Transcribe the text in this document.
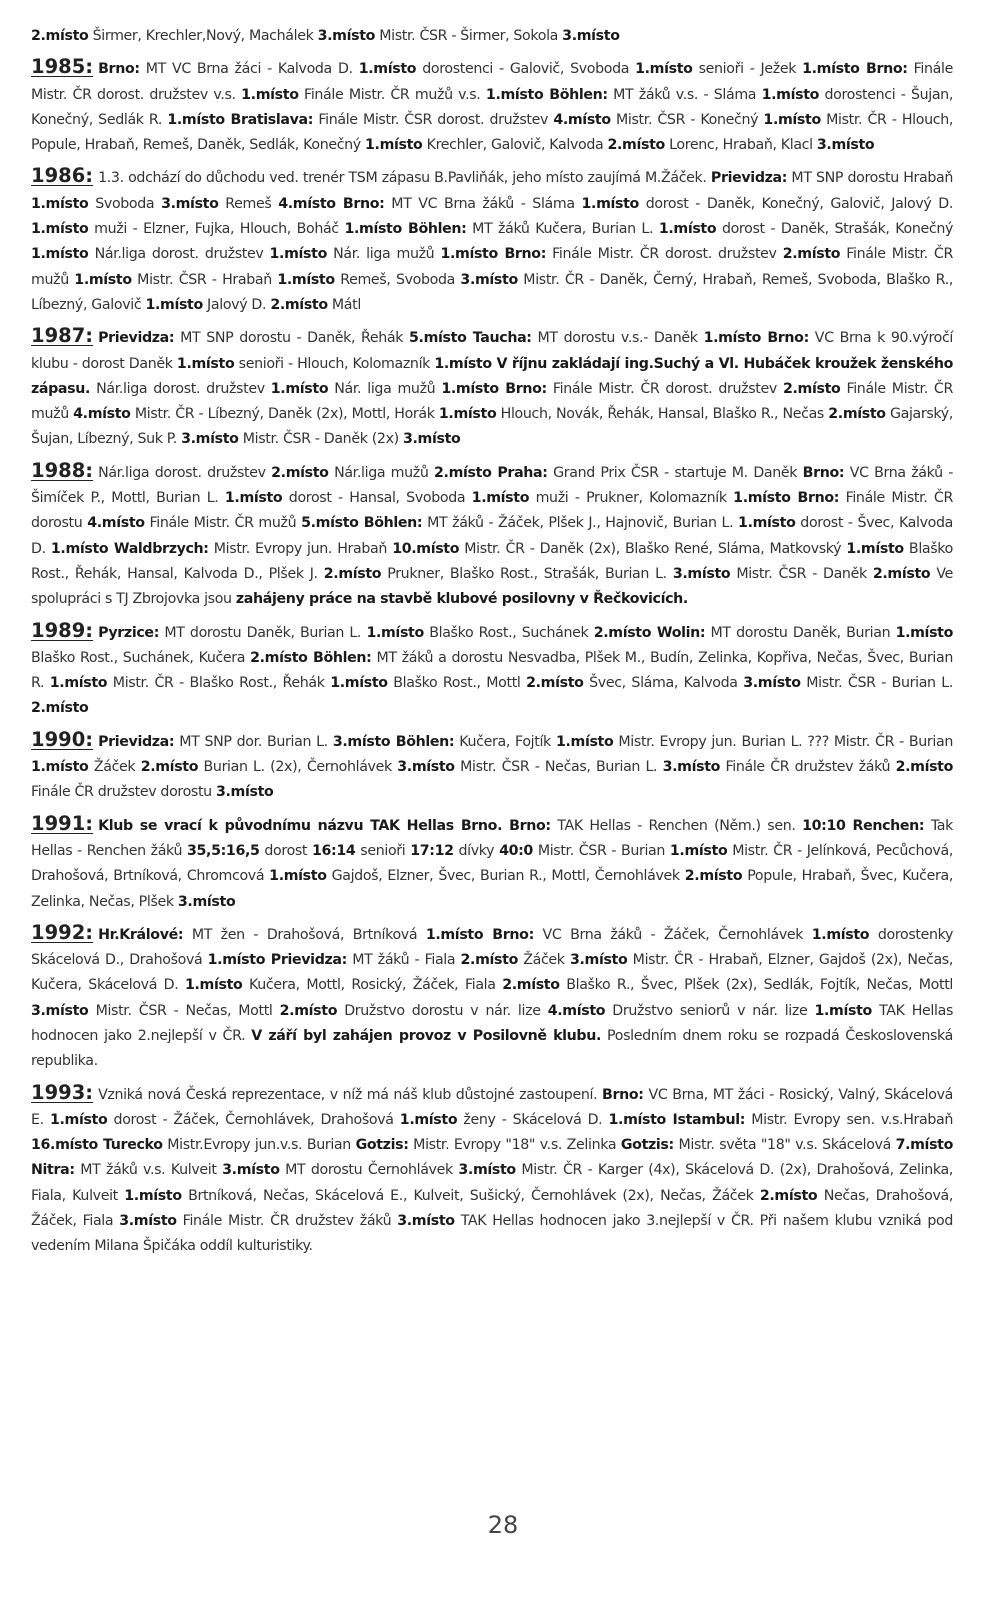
2.místo Širmer, Krechler,Nový, Machálek 3.místo Mistr. ČSR - Širmer, Sokola 3.místo

1985: Brno: MT VC Brna žáci - Kalvoda D. 1.místo dorostenci - Galovič, Svoboda 1.místo senioři - Ježek 1.místo Brno: Finále Mistr. ČR dorost. družstev v.s. 1.místo Finále Mistr. ČR mužů v.s. 1.místo Böhlen: MT žáků v.s. - Sláma 1.místo dorostenci - Šujan, Konečný, Sedlák R. 1.místo Bratislava: Finále Mistr. ČSR dorost. družstev 4.místo Mistr. ČSR - Konečný 1.místo Mistr. ČR - Hlouch, Popule, Hrabaň, Remeš, Daněk, Sedlák, Konečný 1.místo Krechler, Galovič, Kalvoda 2.místo Lorenc, Hrabaň, Klacl 3.místo

1986: 1.3. odchází do důchodu ved. trenér TSM zápasu B.Pavliňák, jeho místo zaujímá M.Žáček. Prievidza: MT SNP dorostu Hrabaň 1.místo Svoboda 3.místo Remeš 4.místo Brno: MT VC Brna žáků - Sláma 1.místo dorost - Daněk, Konečný, Galovič, Jalový D. 1.místo muži - Elzner, Fujka, Hlouch, Boháč 1.místo Böhlen: MT žáků Kučera, Burian L. 1.místo dorost - Daněk, Strašák, Konečný 1.místo Nár.liga dorost. družstev 1.místo Nár. liga mužů 1.místo Brno: Finále Mistr. ČR dorost. družstev 2.místo Finále Mistr. ČR mužů 1.místo Mistr. ČSR - Hrabaň 1.místo Remeš, Svoboda 3.místo Mistr. ČR - Daněk, Černý, Hrabaň, Remeš, Svoboda, Blaško R., Líbezný, Galovič 1.místo Jalový D. 2.místo Mátl

1987: Prievidza: MT SNP dorostu - Daněk, Řehák 5.místo Taucha: MT dorostu v.s.- Daněk 1.místo Brno: VC Brna k 90.výročí klubu - dorost Daněk 1.místo senioři - Hlouch, Kolomazník 1.místo V říjnu zakládají ing.Suchý a Vl. Hubáček kroužek ženského zápasu. Nár.liga dorost. družstev 1.místo Nár. liga mužů 1.místo Brno: Finále Mistr. ČR dorost. družstev 2.místo Finále Mistr. ČR mužů 4.místo Mistr. ČR - Líbezný, Daněk (2x), Mottl, Horák 1.místo Hlouch, Novák, Řehák, Hansal, Blaško R., Nečas 2.místo Gajarský, Šujan, Líbezný, Suk P. 3.místo Mistr. ČSR - Daněk (2x) 3.místo

1988: Nár.liga dorost. družstev 2.místo Nár.liga mužů 2.místo Praha: Grand Prix ČSR - startuje M. Daněk Brno: VC Brna žáků - Šimíček P., Mottl, Burian L. 1.místo dorost - Hansal, Svoboda 1.místo muži - Prukner, Kolomazník 1.místo Brno: Finále Mistr. ČR dorostu 4.místo Finále Mistr. ČR mužů 5.místo Böhlen: MT žáků - Žáček, Plšek J., Hajnovič, Burian L. 1.místo dorost - Švec, Kalvoda D. 1.místo Waldbrzych: Mistr. Evropy jun. Hrabaň 10.místo Mistr. ČR - Daněk (2x), Blaško René, Sláma, Matkovský 1.místo Blaško Rost., Řehák, Hansal, Kalvoda D., Plšek J. 2.místo Prukner, Blaško Rost., Strašák, Burian L. 3.místo Mistr. ČSR - Daněk 2.místo Ve spolupráci s TJ Zbrojovka jsou zahájeny práce na stavbě klubové posilovny v Řečkovicích.

1989: Pyrzice: MT dorostu Daněk, Burian L. 1.místo Blaško Rost., Suchánek 2.místo Wolin: MT dorostu Daněk, Burian 1.místo Blaško Rost., Suchánek, Kučera 2.místo Böhlen: MT žáků a dorostu Nesvadba, Plšek M., Budín, Zelinka, Kopřiva, Nečas, Švec, Burian R. 1.místo Mistr. ČR - Blaško Rost., Řehák 1.místo Blaško Rost., Mottl 2.místo Švec, Sláma, Kalvoda 3.místo Mistr. ČSR - Burian L. 2.místo

1990: Prievidza: MT SNP dor. Burian L. 3.místo Böhlen: Kučera, Fojtík 1.místo Mistr. Evropy jun. Burian L. ??? Mistr. ČR - Burian 1.místo Žáček 2.místo Burian L. (2x), Černohlávek 3.místo Mistr. ČSR - Nečas, Burian L. 3.místo Finále ČR družstev žáků 2.místo Finále ČR družstev dorostu 3.místo

1991: Klub se vrací k původnímu názvu TAK Hellas Brno. Brno: TAK Hellas - Renchen (Něm.) sen. 10:10 Renchen: Tak Hellas - Renchen žáků 35,5:16,5 dorost 16:14 senioři 17:12 dívky 40:0 Mistr. ČSR - Burian 1.místo Mistr. ČR - Jelínková, Pecůchová, Drahošová, Brtníková, Chromcová 1.místo Gajdoš, Elzner, Švec, Burian R., Mottl, Černohlávek 2.místo Popule, Hrabaň, Švec, Kučera, Zelinka, Nečas, Plšek 3.místo

1992: Hr.Králové: MT žen - Drahošová, Brtníková 1.místo Brno: VC Brna žáků - Žáček, Černohlávek 1.místo dorostenky Skácelová D., Drahošová 1.místo Prievidza: MT žáků - Fiala 2.místo Žáček 3.místo Mistr. ČR - Hrabaň, Elzner, Gajdoš (2x), Nečas, Kučera, Skácelová D. 1.místo Kučera, Mottl, Rosický, Žáček, Fiala 2.místo Blaško R., Švec, Plšek (2x), Sedlák, Fojtík, Nečas, Mottl 3.místo Mistr. ČSR - Nečas, Mottl 2.místo Družstvo dorostu v nár. lize 4.místo Družstvo seniorů v nár. lize 1.místo TAK Hellas hodnocen jako 2.nejlepší v ČR. V září byl zahájen provoz v Posilovně klubu. Posledním dnem roku se rozpadá Československá republika.

1993: Vzniká nová Česká reprezentace, v níž má náš klub důstojné zastoupení. Brno: VC Brna, MT žáci - Rosický, Valný, Skácelová E. 1.místo dorost - Žáček, Černohlávek, Drahošová 1.místo ženy - Skácelová D. 1.místo Istambul: Mistr. Evropy sen. v.s.Hrabaň 16.místo Turecko Mistr.Evropy jun.v.s. Burian Gotzis: Mistr. Evropy "18" v.s. Zelinka Gotzis: Mistr. světa "18" v.s. Skácelová 7.místo Nitra: MT žáků v.s. Kulveit 3.místo MT dorostu Černohlávek 3.místo Mistr. ČR - Karger (4x), Skácelová D. (2x), Drahošová, Zelinka, Fiala, Kulveit 1.místo Brtníková, Nečas, Skácelová E., Kulveit, Sušický, Černohlávek (2x), Nečas, Žáček 2.místo Nečas, Drahošová, Žáček, Fiala 3.místo Finále Mistr. ČR družstev žáků 3.místo TAK Hellas hodnocen jako 3.nejlepší v ČR. Při našem klubu vzniká pod vedením Milana Špičáka oddíl kulturistiky.

28
